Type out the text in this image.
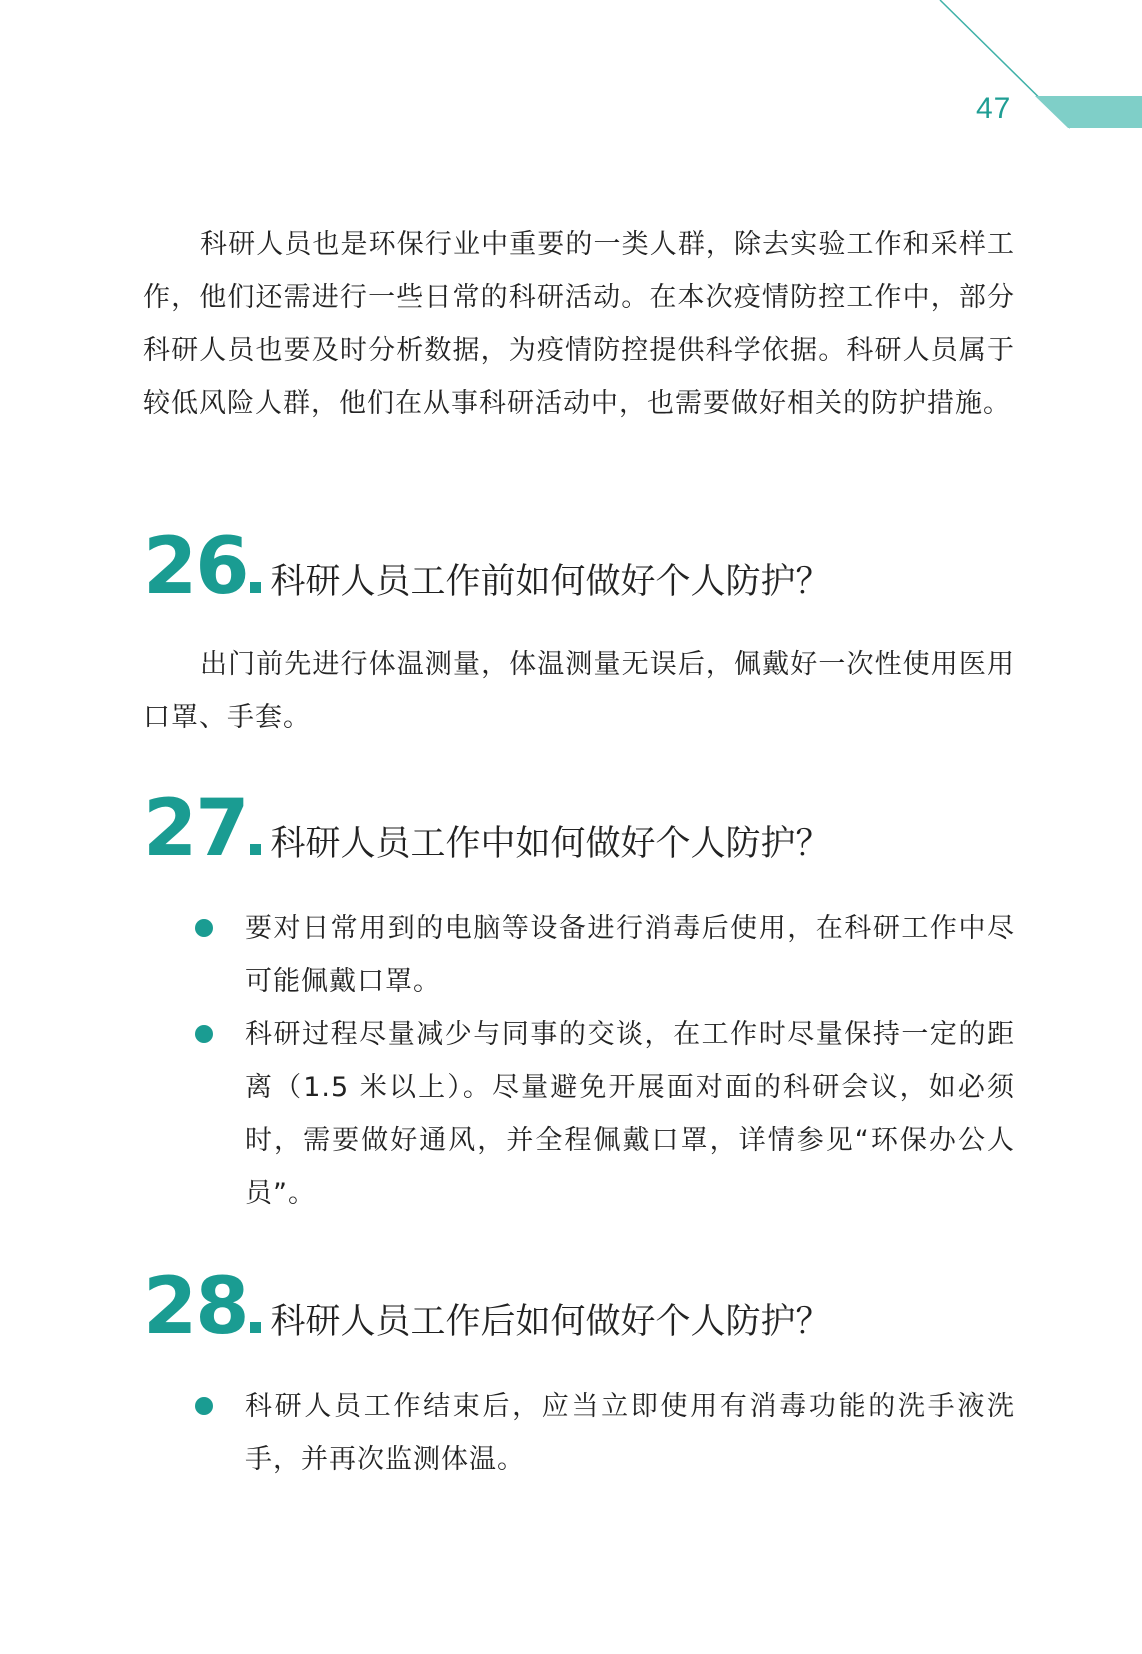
47
科研人员也是环保行业中重要的一类人群，除去实验工作和采样工作，他们还需进行一些日常的科研活动。在本次疫情防控工作中，部分科研人员也要及时分析数据，为疫情防控提供科学依据。科研人员属于较低风险人群，他们在从事科研活动中，也需要做好相关的防护措施。
26 科研人员工作前如何做好个人防护？
出门前先进行体温测量，体温测量无误后，佩戴好一次性使用医用口罩、手套。
27 科研人员工作中如何做好个人防护？
要对日常用到的电脑等设备进行消毒后使用，在科研工作中尽可能佩戴口罩。
科研过程尽量减少与同事的交谈，在工作时尽量保持一定的距离（1.5 米以上）。尽量避免开展面对面的科研会议，如必须时，需要做好通风，并全程佩戴口罩，详情参见“环保办公人员”。
28 科研人员工作后如何做好个人防护？
科研人员工作结束后，应当立即使用有消毒功能的洗手液洗手，并再次监测体温。
